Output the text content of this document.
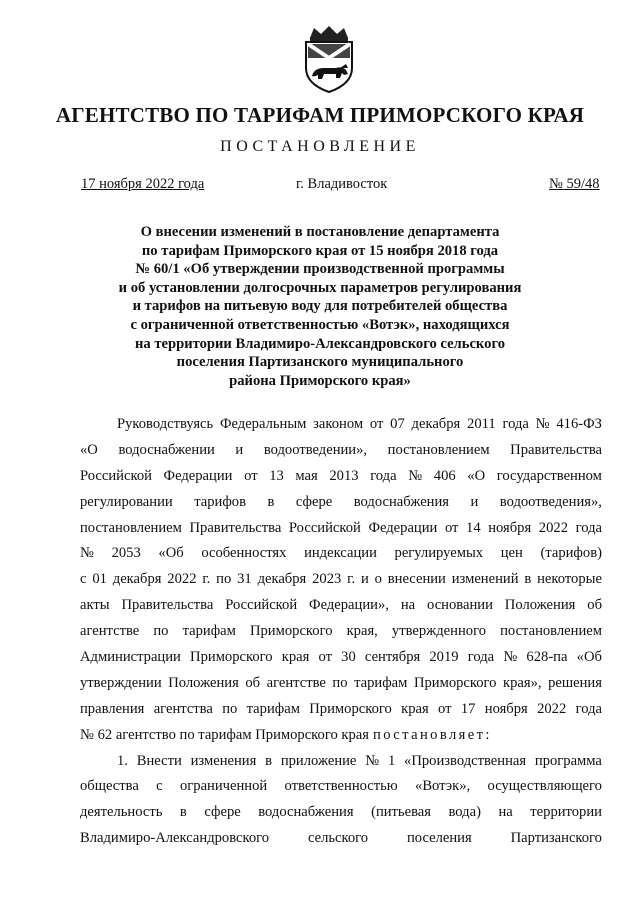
АГЕНТСТВО ПО ТАРИФАМ ПРИМОРСКОГО КРАЯ
ПОСТАНОВЛЕНИЕ
17 ноября 2022 года	г. Владивосток	№ 59/48
О внесении изменений в постановление департамента
по тарифам Приморского края от 15 ноября 2018 года
№ 60/1 «Об утверждении производственной программы
и об установлении долгосрочных параметров регулирования
и тарифов на питьевую воду для потребителей общества
с ограниченной ответственностью «Вотэк», находящихся
на территории Владимиро-Александровского сельского
поселения Партизанского муниципального
района Приморского края»
Руководствуясь Федеральным законом от 07 декабря 2011 года № 416-ФЗ
«О водоснабжении и водоотведении», постановлением Правительства
Российской Федерации от 13 мая 2013 года № 406 «О государственном
регулировании тарифов в сфере водоснабжения и водоотведения»,
постановлением Правительства Российской Федерации от 14 ноября 2022 года
№ 2053 «Об особенностях индексации регулируемых цен (тарифов)
с 01 декабря 2022 г. по 31 декабря 2023 г. и о внесении изменений в некоторые
акты Правительства Российской Федерации», на основании Положения об
агентстве по тарифам Приморского края, утвержденного постановлением
Администрации Приморского края от 30 сентября 2019 года № 628-па «Об
утверждении Положения об агентстве по тарифам Приморского края», решения
правления агентства по тарифам Приморского края от 17 ноября 2022 года
№ 62 агентство по тарифам Приморского края постановляет:
1. Внести изменения в приложение № 1 «Производственная программа
общества с ограниченной ответственностью «Вотэк», осуществляющего
деятельность в сфере водоснабжения (питьевая вода) на территории
Владимиро-Александровского	сельского	поселения	Партизанского
